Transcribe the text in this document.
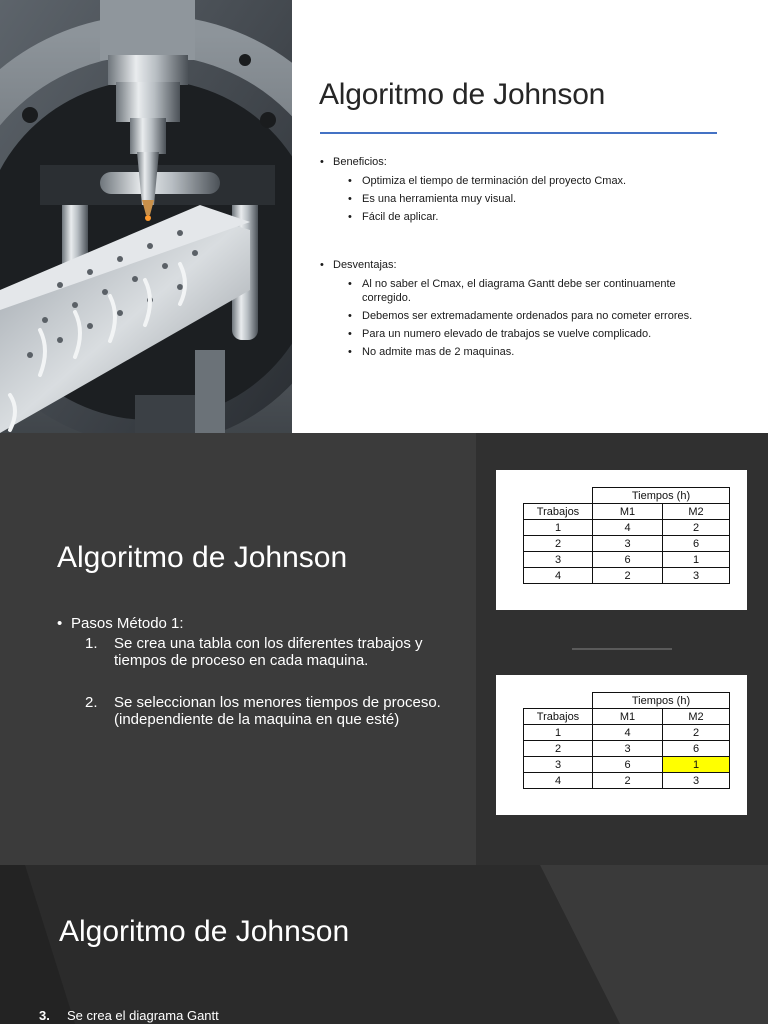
Algoritmo de Johnson
• Beneficios:
• Optimiza el tiempo de terminación del proyecto Cmax.
• Es una herramienta muy visual.
• Fácil de aplicar.
• Desventajas:
• Al no saber el Cmax, el diagrama Gantt debe ser continuamente corregido.
• Debemos ser extremadamente ordenados para no cometer errores.
• Para un numero elevado de trabajos se vuelve complicado.
• No admite mas de 2 maquinas.
Algoritmo de Johnson
• Pasos Método 1:
1. Se crea una tabla con los diferentes trabajos y tiempos de proceso en cada maquina.
2. Se seleccionan los menores tiempos de proceso. (independiente de la maquina en que esté)
	Tiempos (h)	
Trabajos	M1	M2
1	4	2
2	3	6
3	6	1
4	2	3
	Tiempos (h)	
Trabajos	M1	M2
1	4	2
2	3	6
3	6	1
4	2	3
Algoritmo de Johnson
3. Se crea el diagrama Gantt
